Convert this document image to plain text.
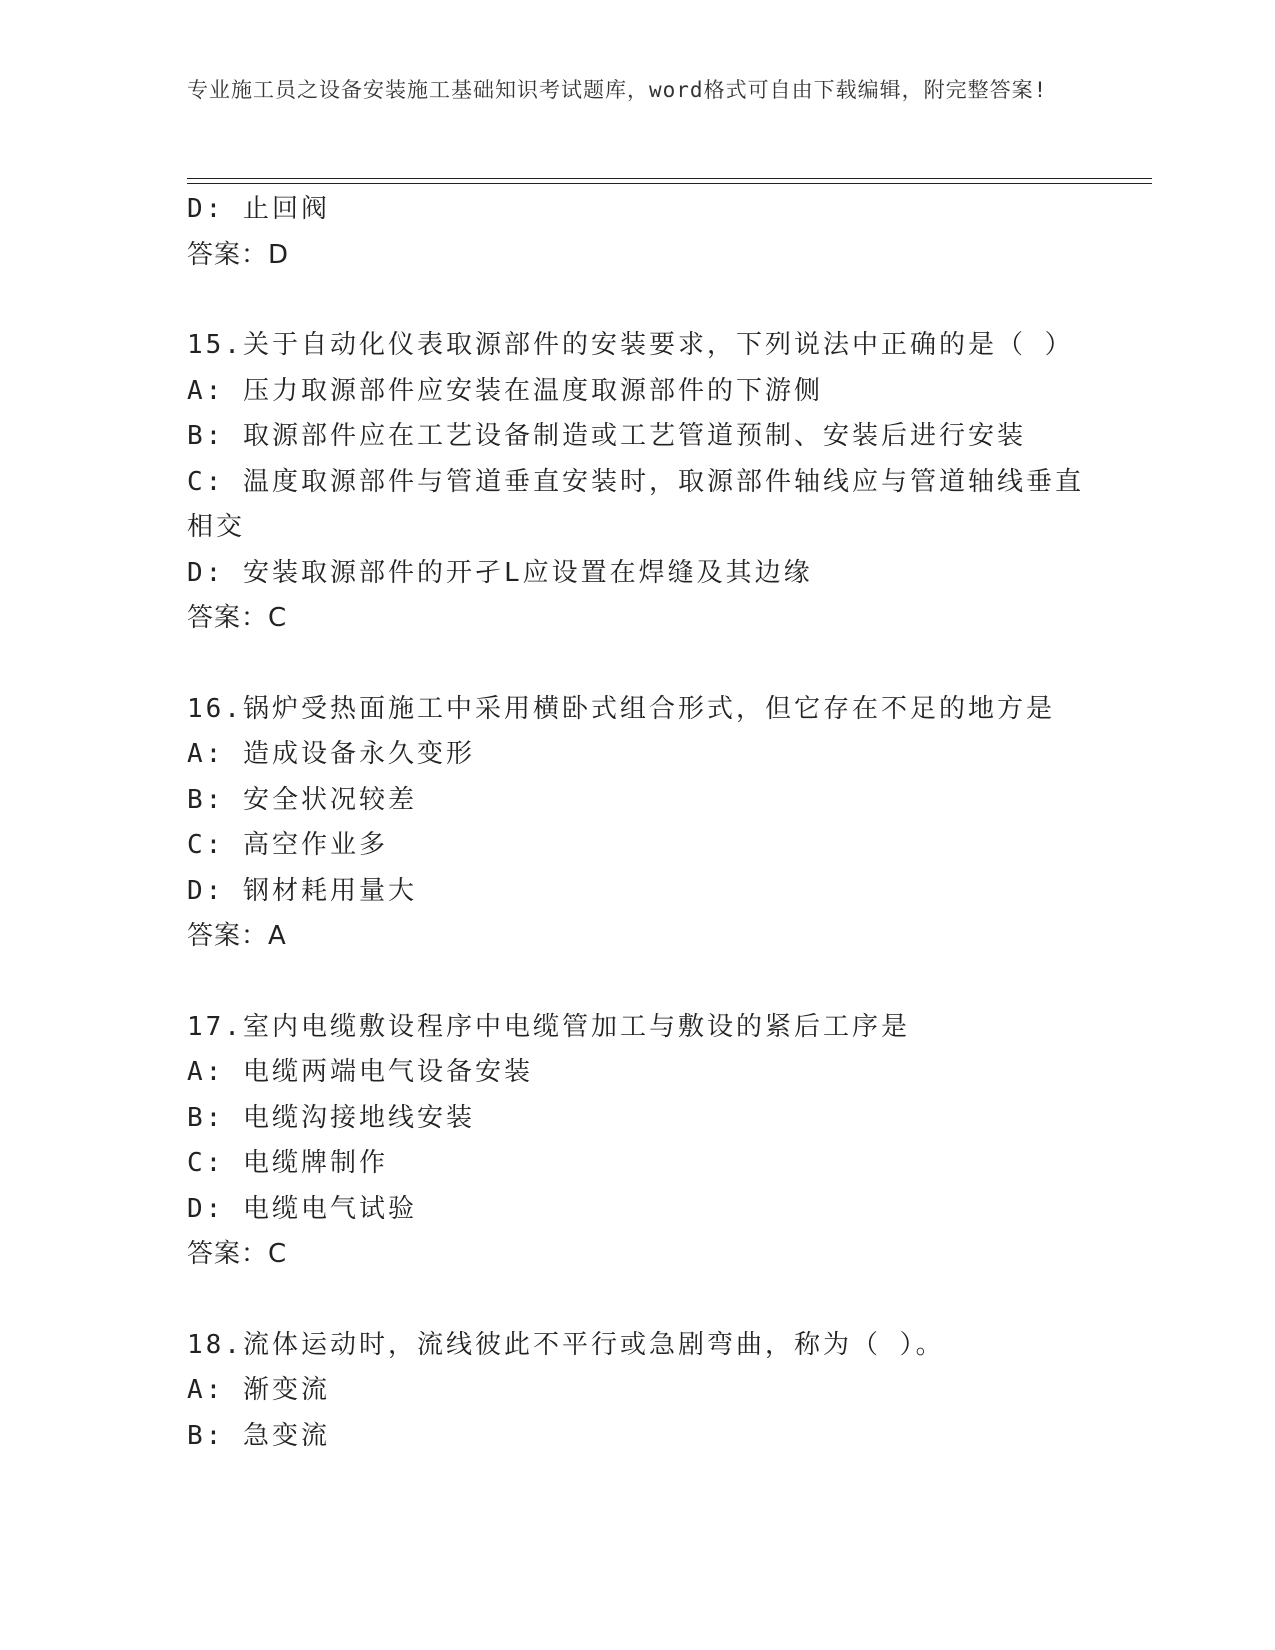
专业施工员之设备安装施工基础知识考试题库，word格式可自由下载编辑，附完整答案!
D: 止回阀
答案：D
15.关于自动化仪表取源部件的安装要求，下列说法中正确的是（ ）
A: 压力取源部件应安装在温度取源部件的下游侧
B: 取源部件应在工艺设备制造或工艺管道预制、安装后进行安装
C: 温度取源部件与管道垂直安装时，取源部件轴线应与管道轴线垂直相交
D: 安装取源部件的开孑L应设置在焊缝及其边缘
答案：C
16.锅炉受热面施工中采用横卧式组合形式，但它存在不足的地方是
A: 造成设备永久变形
B: 安全状况较差
C: 高空作业多
D: 钢材耗用量大
答案：A
17.室内电缆敷设程序中电缆管加工与敷设的紧后工序是
A: 电缆两端电气设备安装
B: 电缆沟接地线安装
C: 电缆牌制作
D: 电缆电气试验
答案：C
18.流体运动时，流线彼此不平行或急剧弯曲，称为（ ）。
A: 渐变流
B: 急变流
